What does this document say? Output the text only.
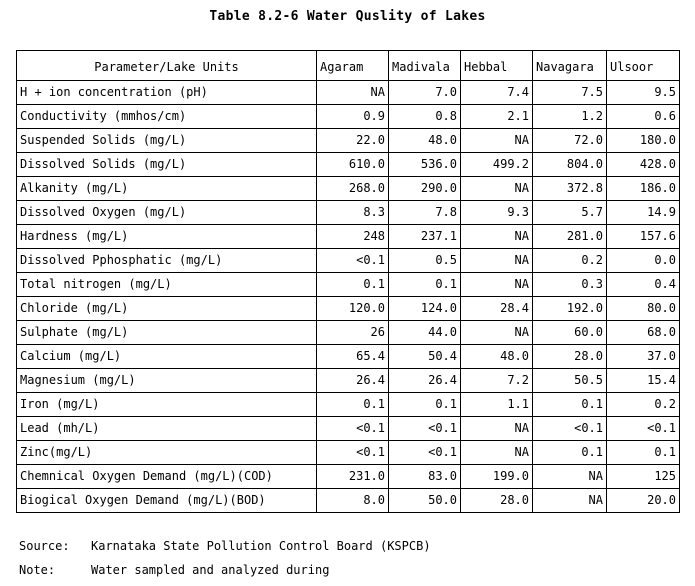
Table 8.2-6 Water Quslity of Lakes
Parameter/Lake Units	Agaram	Madivala	Hebbal	Navagara	Ulsoor
H + ion concentration (pH)	NA	7.0	7.4	7.5	9.5
Conductivity (mmhos/cm)	0.9	0.8	2.1	1.2	0.6
Suspended Solids (mg/L)	22.0	48.0	NA	72.0	180.0
Dissolved Solids (mg/L)	610.0	536.0	499.2	804.0	428.0
Alkanity (mg/L)	268.0	290.0	NA	372.8	186.0
Dissolved Oxygen (mg/L)	8.3	7.8	9.3	5.7	14.9
Hardness (mg/L)	248	237.1	NA	281.0	157.6
Dissolved Pphosphatic (mg/L)	<0.1	0.5	NA	0.2	0.0
Total nitrogen (mg/L)	0.1	0.1	NA	0.3	0.4
Chloride (mg/L)	120.0	124.0	28.4	192.0	80.0
Sulphate (mg/L)	26	44.0	NA	60.0	68.0
Calcium (mg/L)	65.4	50.4	48.0	28.0	37.0
Magnesium (mg/L)	26.4	26.4	7.2	50.5	15.4
Iron (mg/L)	0.1	0.1	1.1	0.1	0.2
Lead (mh/L)	<0.1	<0.1	NA	<0.1	<0.1
Zinc(mg/L)	<0.1	<0.1	NA	0.1	0.1
Chemnical Oxygen Demand (mg/L)(COD)	231.0	83.0	199.0	NA	125
Biogical Oxygen Demand (mg/L)(BOD)	8.0	50.0	28.0	NA	20.0
Source: Karnataka State Pollution Control Board (KSPCB)
Note:	Water sampled and analyzed during
